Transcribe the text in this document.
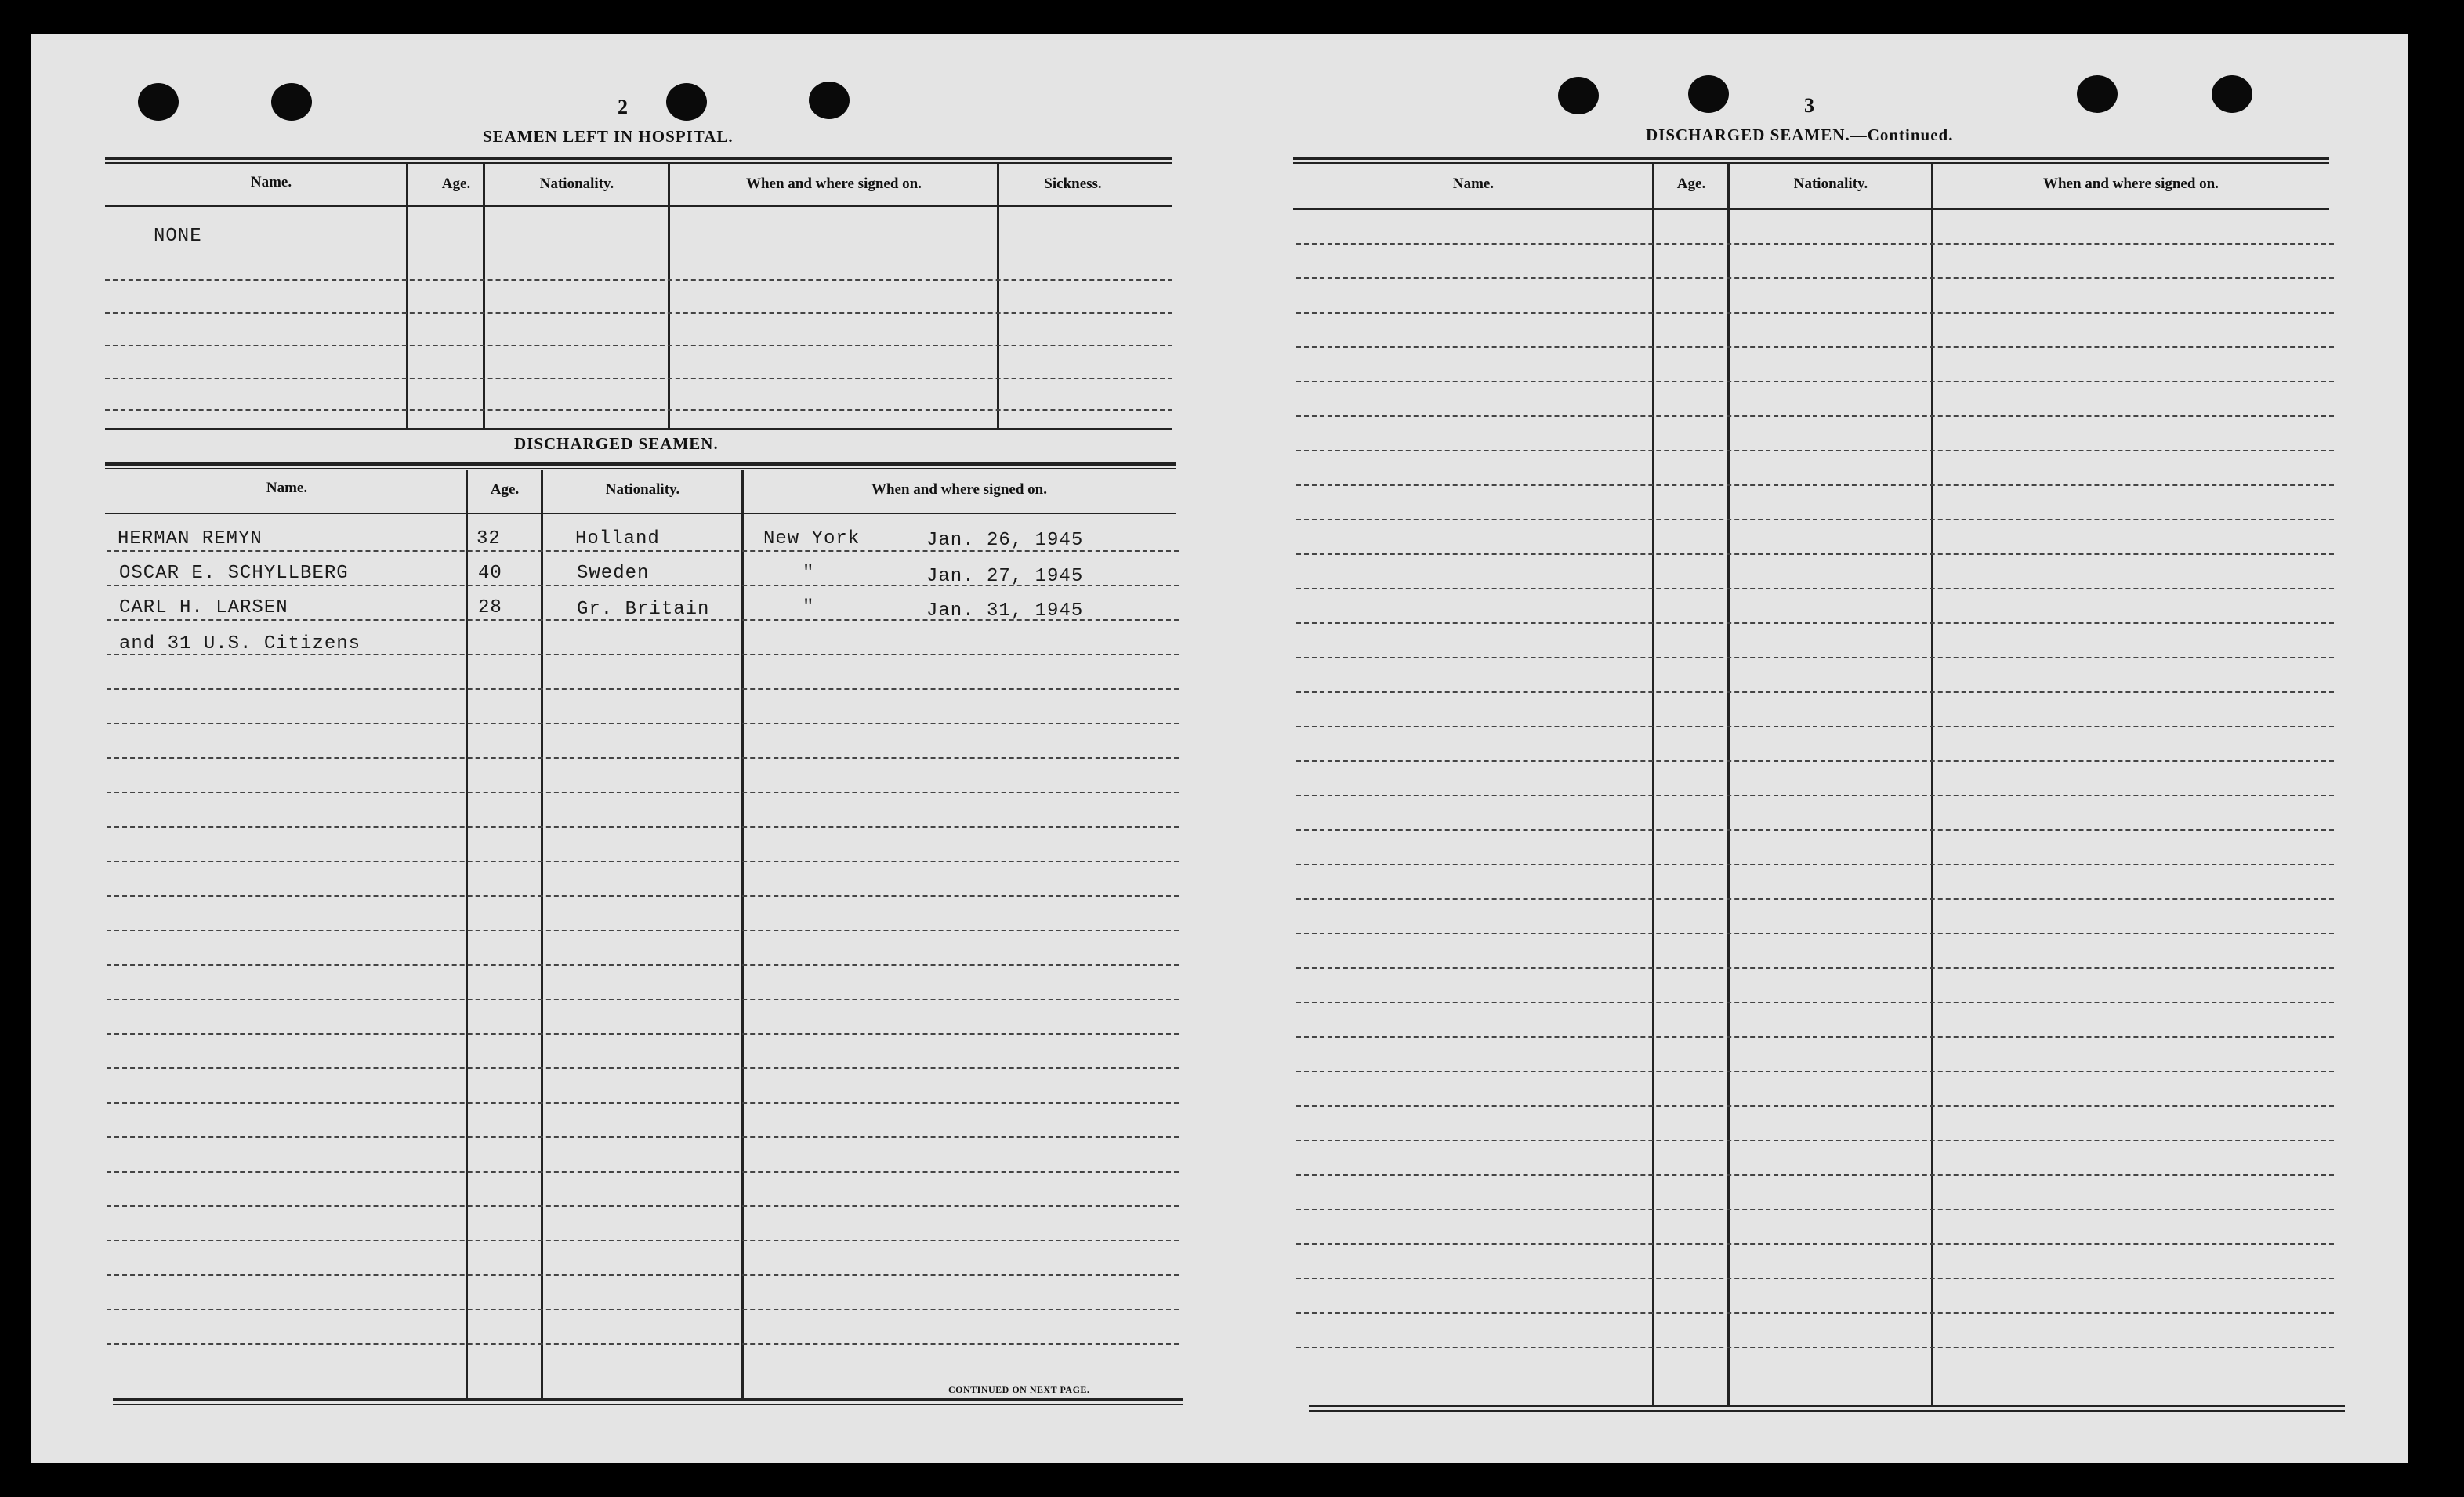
2
SEAMEN LEFT IN HOSPITAL.
Name.	Age.	Nationality.	When and where signed on.	Sickness.
NONE
DISCHARGED SEAMEN.
Name.	Age.	Nationality.	When and where signed on.
HERMAN REMYN	32	Holland	New York	Jan. 26, 1945
OSCAR E. SCHYLLBERG	40	Sweden	"	Jan. 27, 1945
CARL H. LARSEN	28	Gr. Britain	"	Jan. 31, 1945
and 31 U.S. Citizens
CONTINUED ON NEXT PAGE.
3
DISCHARGED SEAMEN.—Continued.
Name.	Age.	Nationality.	When and where signed on.
